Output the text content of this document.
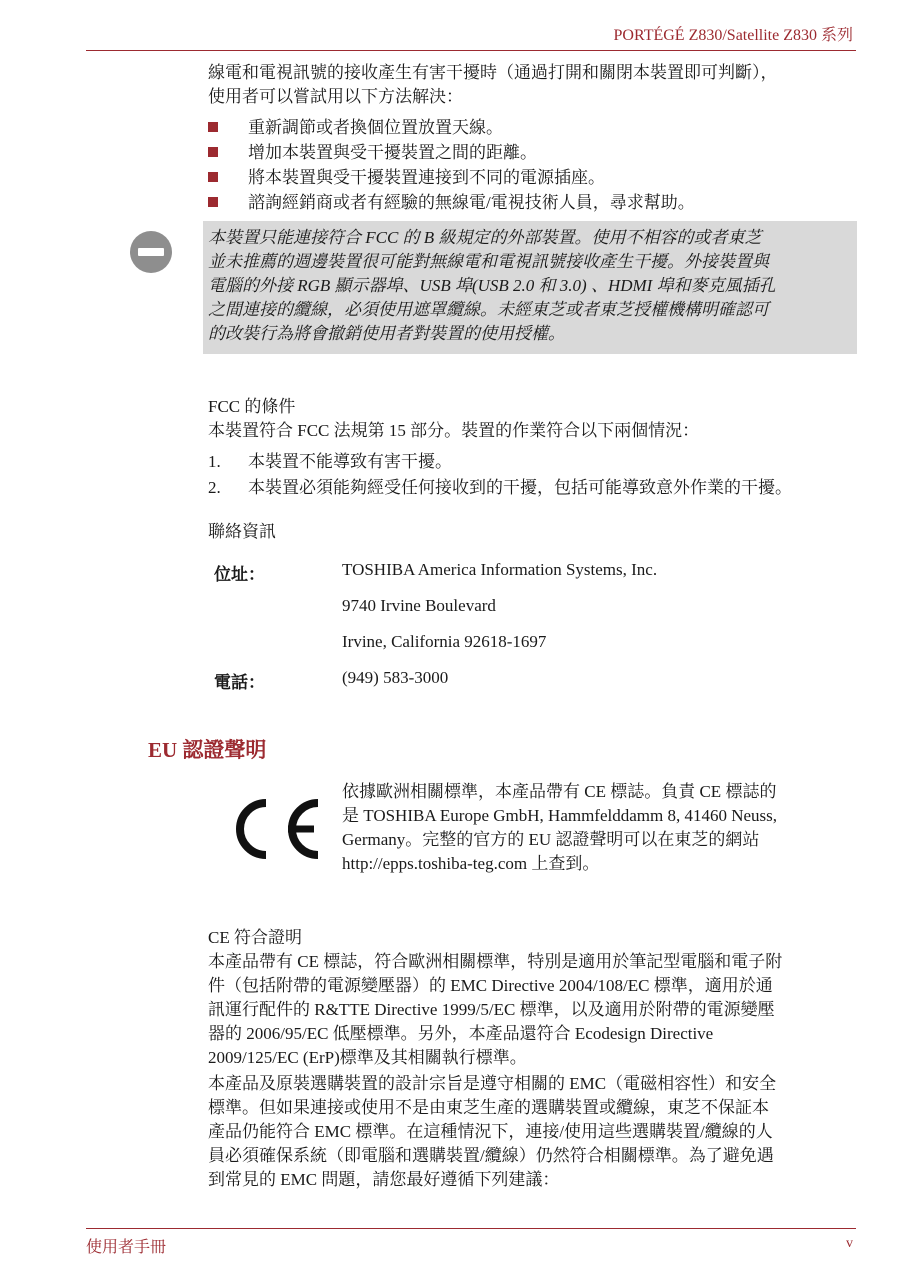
PORTÉGÉ Z830/Satellite Z830 系列
線電和電視訊號的接收產生有害干擾時（通過打開和關閉本裝置即可判斷），
使用者可以嘗試用以下方法解決：
重新調節或者換個位置放置天線。
增加本裝置與受干擾裝置之間的距離。
將本裝置與受干擾裝置連接到不同的電源插座。
諮詢經銷商或者有經驗的無線電/電視技術人員，尋求幫助。
本裝置只能連接符合 FCC 的 B 級規定的外部裝置。使用不相容的或者東芝
並未推薦的週邊裝置很可能對無線電和電視訊號接收產生干擾。外接裝置與
電腦的外接 RGB 顯示器埠、USB 埠(USB 2.0 和 3.0) 、HDMI 埠和麥克風插孔
之間連接的纜線，必須使用遮罩纜線。未經東芝或者東芝授權機構明確認可
的改裝行為將會撤銷使用者對裝置的使用授權。
FCC 的條件
本裝置符合 FCC 法規第 15 部分。裝置的作業符合以下兩個情況：
1. 本裝置不能導致有害干擾。
2. 本裝置必須能夠經受任何接收到的干擾，包括可能導致意外作業的干擾。
聯絡資訊
位址：	TOSHIBA America Information Systems, Inc.
9740 Irvine Boulevard
Irvine, California 92618-1697
電話：	(949) 583-3000
EU 認證聲明
依據歐洲相關標準，本產品帶有 CE 標誌。負責 CE 標誌的
是 TOSHIBA Europe GmbH, Hammfelddamm 8, 41460 Neuss,
Germany。完整的官方的 EU 認證聲明可以在東芝的網站
http://epps.toshiba-teg.com 上查到。
CE 符合證明
本產品帶有 CE 標誌，符合歐洲相關標準，特別是適用於筆記型電腦和電子附
件（包括附帶的電源變壓器）的 EMC Directive 2004/108/EC 標準，適用於通
訊運行配件的 R&TTE Directive 1999/5/EC 標準，以及適用於附帶的電源變壓
器的 2006/95/EC 低壓標準。另外，本產品還符合 Ecodesign Directive
2009/125/EC (ErP)標準及其相關執行標準。
本產品及原裝選購裝置的設計宗旨是遵守相關的 EMC（電磁相容性）和安全
標準。但如果連接或使用不是由東芝生產的選購裝置或纜線，東芝不保証本
產品仍能符合 EMC 標準。在這種情況下，連接/使用這些選購裝置/纜線的人
員必須確保系統（即電腦和選購裝置/纜線）仍然符合相關標準。為了避免遇
到常見的 EMC 問題，請您最好遵循下列建議：
使用者手冊	v
